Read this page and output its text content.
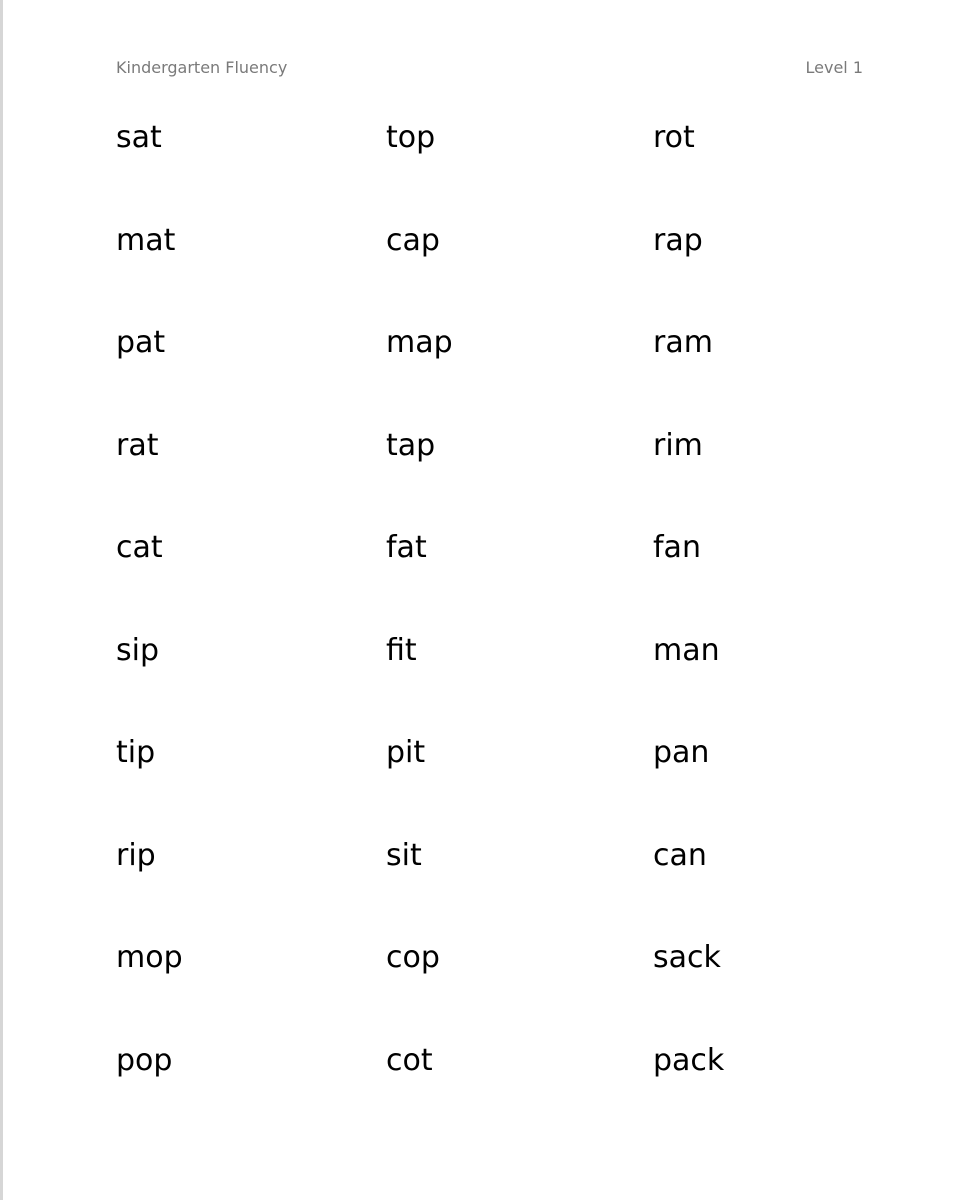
Kindergarten Fluency	Level 1
sat	top	rot
mat	cap	rap
pat	map	ram
rat	tap	rim
cat	fat	fan
sip	fit	man
tip	pit	pan
rip	sit	can
mop	cop	sack
pop	cot	pack
